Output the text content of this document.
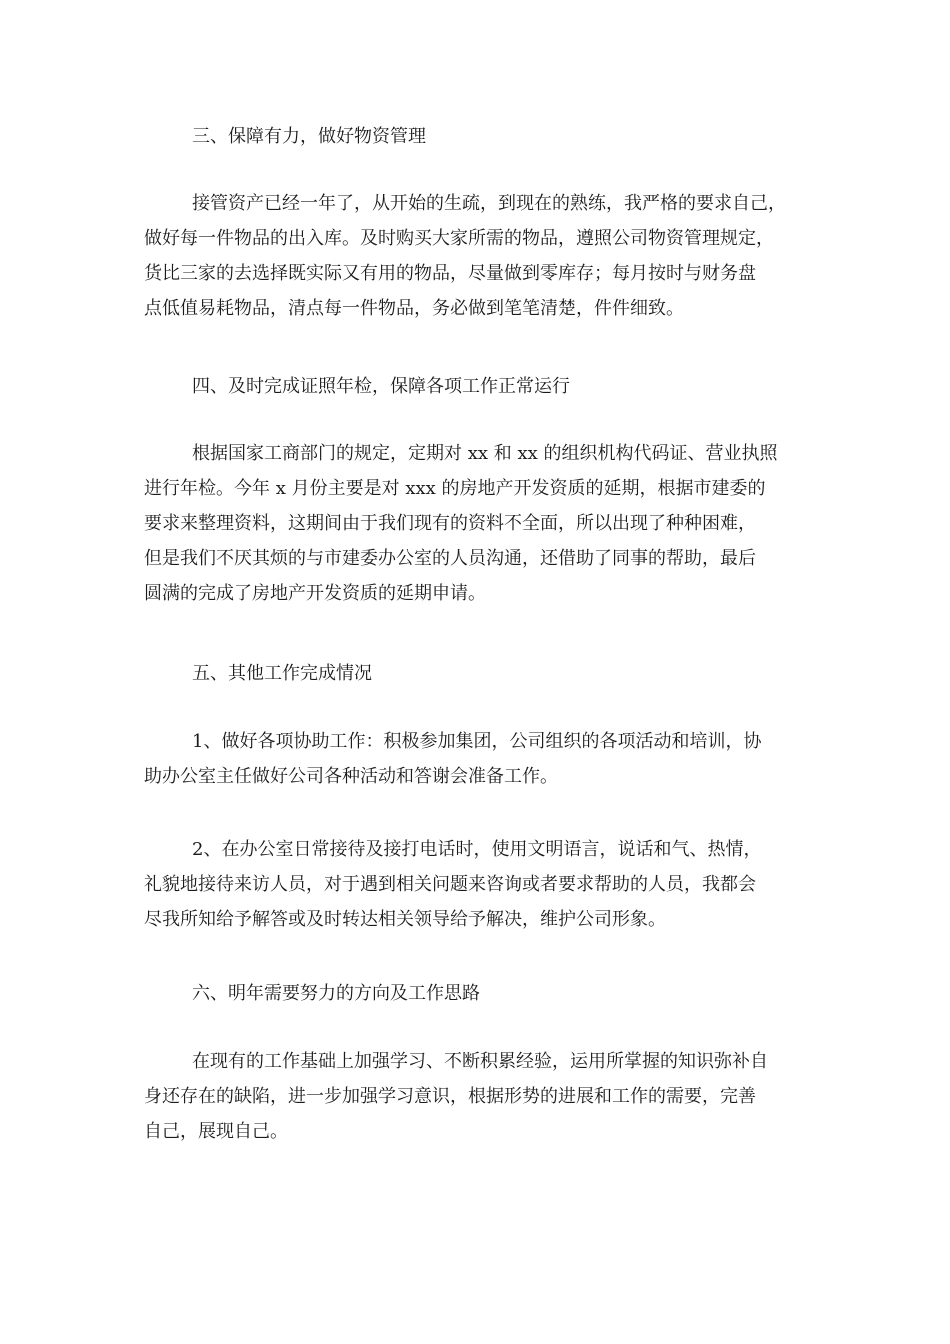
三、保障有力，做好物资管理
接管资产已经一年了，从开始的生疏，到现在的熟练，我严格的要求自己，
做好每一件物品的出入库。及时购买大家所需的物品，遵照公司物资管理规定，
货比三家的去选择既实际又有用的物品，尽量做到零库存；每月按时与财务盘
点低值易耗物品，清点每一件物品，务必做到笔笔清楚，件件细致。
四、及时完成证照年检，保障各项工作正常运行
根据国家工商部门的规定，定期对 xx 和 xx 的组织机构代码证、营业执照
进行年检。今年 x 月份主要是对 xxx 的房地产开发资质的延期，根据市建委的
要求来整理资料，这期间由于我们现有的资料不全面，所以出现了种种困难，
但是我们不厌其烦的与市建委办公室的人员沟通，还借助了同事的帮助，最后
圆满的完成了房地产开发资质的延期申请。
五、其他工作完成情况
1、做好各项协助工作：积极参加集团，公司组织的各项活动和培训，协
助办公室主任做好公司各种活动和答谢会准备工作。
2、在办公室日常接待及接打电话时，使用文明语言，说话和气、热情，
礼貌地接待来访人员，对于遇到相关问题来咨询或者要求帮助的人员，我都会
尽我所知给予解答或及时转达相关领导给予解决，维护公司形象。
六、明年需要努力的方向及工作思路
在现有的工作基础上加强学习、不断积累经验，运用所掌握的知识弥补自
身还存在的缺陷，进一步加强学习意识，根据形势的进展和工作的需要，完善
自己，展现自己。
